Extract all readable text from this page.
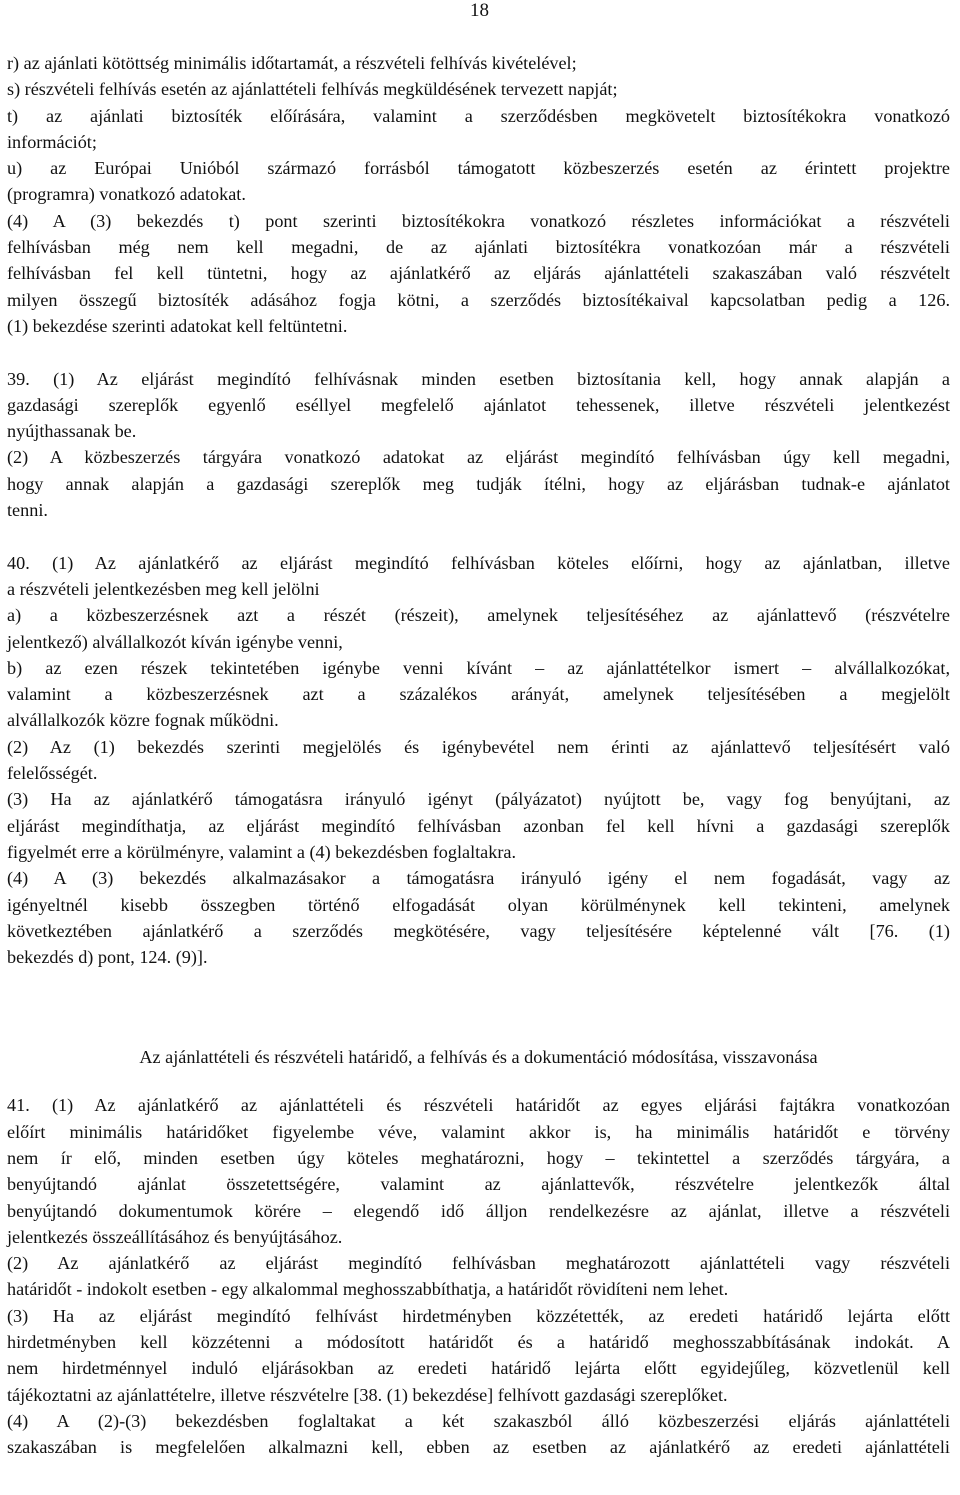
18
r) az ajánlati kötöttség minimális időtartamát, a részvételi felhívás kivételével;
s) részvételi felhívás esetén az ajánlattételi felhívás megküldésének tervezett napját;
t) az ajánlati biztosíték előírására, valamint a szerződésben megkövetelt biztosítékokra vonatkozó
információt;
u) az Európai Unióból származó forrásból támogatott közbeszerzés esetén az érintett projektre
(programra) vonatkozó adatokat.
(4) A (3) bekezdés t) pont szerinti biztosítékokra vonatkozó részletes információkat a részvételi
felhívásban még nem kell megadni, de az ajánlati biztosítékra vonatkozóan már a részvételi
felhívásban fel kell tüntetni, hogy az ajánlatkérő az eljárás ajánlattételi szakaszában való részvételt
milyen összegű biztosíték adásához fogja kötni, a szerződés biztosítékaival kapcsolatban pedig a 126.
(1) bekezdése szerinti adatokat kell feltüntetni.
39. (1) Az eljárást megindító felhívásnak minden esetben biztosítania kell, hogy annak alapján a
gazdasági szereplők egyenlő eséllyel megfelelő ajánlatot tehessenek, illetve részvételi jelentkezést
nyújthassanak be.
(2) A közbeszerzés tárgyára vonatkozó adatokat az eljárást megindító felhívásban úgy kell megadni,
hogy annak alapján a gazdasági szereplők meg tudják ítélni, hogy az eljárásban tudnak-e ajánlatot
tenni.
40. (1) Az ajánlatkérő az eljárást megindító felhívásban köteles előírni, hogy az ajánlatban, illetve
a részvételi jelentkezésben meg kell jelölni
a) a közbeszerzésnek azt a részét (részeit), amelynek teljesítéséhez az ajánlattevő (részvételre
jelentkező) alvállalkozót kíván igénybe venni,
b) az ezen részek tekintetében igénybe venni kívánt – az ajánlattételkor ismert – alvállalkozókat,
valamint a közbeszerzésnek azt a százalékos arányát, amelynek teljesítésében a megjelölt
alvállalkozók közre fognak működni.
(2) Az (1) bekezdés szerinti megjelölés és igénybevétel nem érinti az ajánlattevő teljesítésért való
felelősségét.
(3) Ha az ajánlatkérő támogatásra irányuló igényt (pályázatot) nyújtott be, vagy fog benyújtani, az
eljárást megindíthatja, az eljárást megindító felhívásban azonban fel kell hívni a gazdasági szereplők
figyelmét erre a körülményre, valamint a (4) bekezdésben foglaltakra.
(4) A (3) bekezdés alkalmazásakor a támogatásra irányuló igény el nem fogadását, vagy az
igényeltnél kisebb összegben történő elfogadását olyan körülménynek kell tekinteni, amelynek
következtében ajánlatkérő a szerződés megkötésére, vagy teljesítésére képtelenné vált [76. (1)
bekezdés d) pont, 124. (9)].
Az ajánlattételi és részvételi határidő, a felhívás és a dokumentáció módosítása, visszavonása
41. (1) Az ajánlatkérő az ajánlattételi és részvételi határidőt az egyes eljárási fajtákra vonatkozóan
előírt minimális határidőket figyelembe véve, valamint akkor is, ha minimális határidőt e törvény
nem ír elő, minden esetben úgy köteles meghatározni, hogy – tekintettel a szerződés tárgyára, a
benyújtandó ajánlat összetettségére, valamint az ajánlattevők, részvételre jelentkezők által
benyújtandó dokumentumok körére – elegendő idő álljon rendelkezésre az ajánlat, illetve a részvételi
jelentkezés összeállításához és benyújtásához.
(2) Az ajánlatkérő az eljárást megindító felhívásban meghatározott ajánlattételi vagy részvételi
határidőt - indokolt esetben - egy alkalommal meghosszabbíthatja, a határidőt rövidíteni nem lehet.
(3) Ha az eljárást megindító felhívást hirdetményben közzétették, az eredeti határidő lejárta előtt
hirdetményben kell közzétenni a módosított határidőt és a határidő meghosszabbításának indokát. A
nem hirdetménnyel induló eljárásokban az eredeti határidő lejárta előtt egyidejűleg, közvetlenül kell
tájékoztatni az ajánlattételre, illetve részvételre [38. (1) bekezdése] felhívott gazdasági szereplőket.
(4) A (2)-(3) bekezdésben foglaltakat a két szakaszból álló közbeszerzési eljárás ajánlattételi
szakaszában is megfelelően alkalmazni kell, ebben az esetben az ajánlatkérő az eredeti ajánlattételi
